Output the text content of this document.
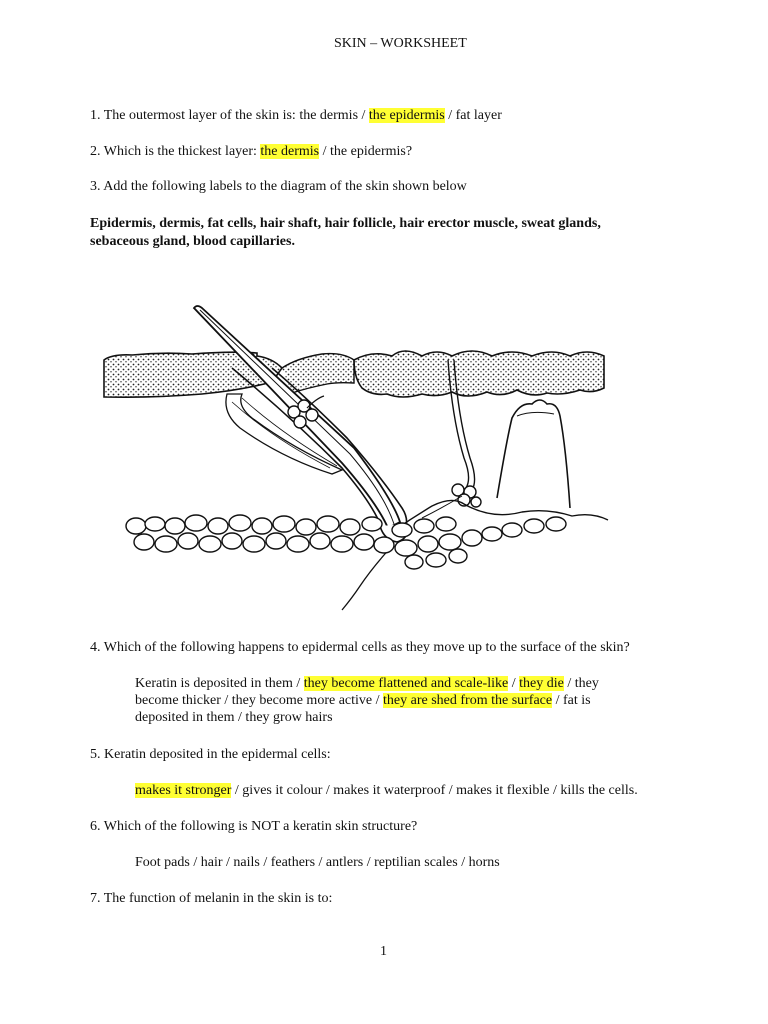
SKIN – WORKSHEET
1. The outermost layer of the skin is: the dermis / the epidermis / fat layer
2. Which is the thickest layer: the dermis / the epidermis?
3. Add the following labels to the diagram of the skin shown below
Epidermis, dermis, fat cells, hair shaft, hair follicle, hair erector muscle, sweat glands,
sebaceous gland, blood capillaries.
4. Which of the following happens to epidermal cells as they move up to the surface of the skin?
Keratin is deposited in them / they become flattened and scale-like / they die / they
become thicker / they become more active / they are shed from the surface / fat is
deposited in them / they grow hairs
5. Keratin deposited in the epidermal cells:
makes it stronger / gives it colour / makes it waterproof / makes it flexible / kills the cells.
6. Which of the following is NOT a keratin skin structure?
Foot pads / hair / nails / feathers / antlers / reptilian scales / horns
7. The function of melanin in the skin is to:
1
